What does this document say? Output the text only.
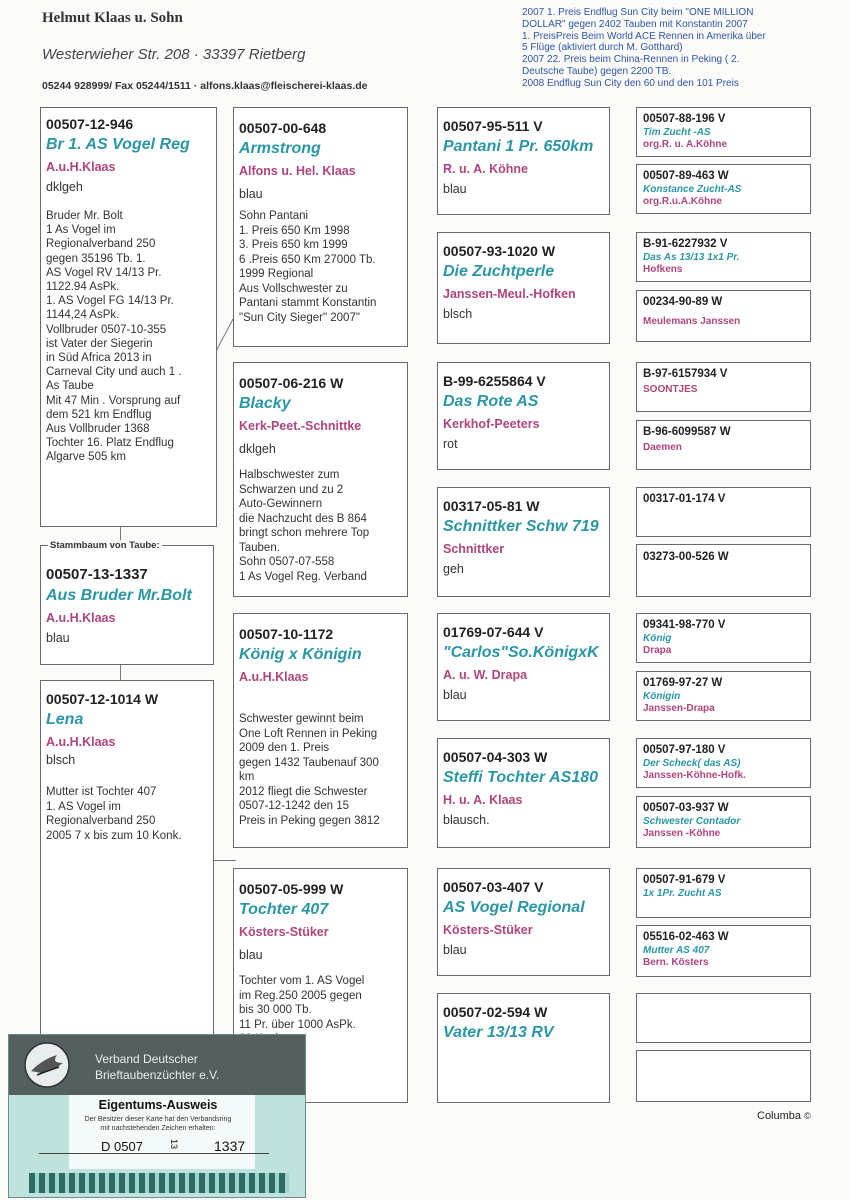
Helmut Klaas u. Sohn
Westerwieher Str. 208 · 33397 Rietberg
05244 928999/ Fax 05244/1511 · alfons.klaas@fleischerei-klaas.de
2007 1. Preis Endflug Sun City beim "ONE MILLION
DOLLAR" gegen 2402 Tauben mit Konstantin 2007
1. PreisPreis Beim World ACE Rennen in Amerika über
5 Flüge (aktiviert durch M. Gotthard)
2007 22. Preis beim China-Rennen in Peking ( 2.
Deutsche Taube) gegen 2200 TB.
2008 Endflug Sun City den 60 und den 101 Preis
00507-12-946
Br 1. AS Vogel Reg
A.u.H.Klaas
dklgeh
Bruder Mr. Bolt
1 As Vogel im
Regionalverband 250
gegen 35196 Tb. 1.
AS Vogel RV 14/13 Pr.
1122.94 AsPk.
1. AS Vogel FG 14/13 Pr.
1144,24 AsPk.
Vollbruder 0507-10-355
ist Vater der Siegerin
in Süd Africa 2013 in
Carneval City und auch 1 .
As Taube
Mit 47 Min . Vorsprung auf
dem 521 km Endflug
Aus Vollbruder 1368
Tochter 16. Platz Endflug
Algarve 505 km
Stammbaum von Taube:
00507-13-1337
Aus Bruder Mr.Bolt
A.u.H.Klaas
blau
00507-12-1014 W
Lena
A.u.H.Klaas
blsch
Mutter ist Tochter 407
1. AS Vogel im
Regionalverband 250
2005 7 x bis zum 10 Konk.
00507-00-648
Armstrong
Alfons u. Hel. Klaas
blau
Sohn Pantani
1. Preis 650 Km 1998
3. Preis 650 km 1999
6 .Preis 650 Km 27000 Tb.
1999 Regional
Aus Vollschwester zu
Pantani stammt Konstantin
"Sun City Sieger" 2007"
00507-06-216 W
Blacky
Kerk-Peet.-Schnittke
dklgeh
Halbschwester zum
Schwarzen und zu 2
Auto-Gewinnern
die Nachzucht des B 864
bringt schon mehrere Top
Tauben.
Sohn 0507-07-558
1 As Vogel Reg. Verband
00507-10-1172
König x Königin
A.u.H.Klaas
Schwester gewinnt beim
One Loft Rennen in Peking
2009 den 1. Preis
gegen 1432 Taubenauf 300
km
2012 fliegt die Schwester
0507-12-1242 den 15
Preis in Peking gegen 3812
00507-05-999 W
Tochter 407
Kösters-Stüker
blau
Tochter vom 1. AS Vogel
im Reg.250 2005 gegen
bis 30 000 Tb.
11 Pr. über 1000 AsPk.
00507-95-511 V
Pantani 1 Pr. 650km
R. u. A. Köhne
blau
00507-93-1020 W
Die Zuchtperle
Janssen-Meul.-Hofken
blsch
B-99-6255864 V
Das Rote AS
Kerkhof-Peeters
rot
00317-05-81 W
Schnittker Schw 719
Schnittker
geh
01769-07-644 V
"Carlos"So.KönigxK
A. u. W. Drapa
blau
00507-04-303 W
Steffi Tochter AS180
H. u. A. Klaas
blausch.
00507-03-407 V
AS Vogel Regional
Kösters-Stüker
blau
00507-02-594 W
Vater 13/13 RV
00507-88-196 V
Tim Zucht -AS
org.R. u. A.Köhne
00507-89-463 W
Konstance Zucht-AS
org.R.u.A.Köhne
B-91-6227932 V
Das As 13/13 1x1 Pr.
Hofkens
00234-90-89 W
Meulemans Janssen
B-97-6157934 V
SOONTJES
B-96-6099587 W
Daemen
00317-01-174 V
03273-00-526 W
09341-98-770 V
König
Drapa
01769-97-27 W
Königin
Janssen-Drapa
00507-97-180 V
Der Scheck( das AS)
Janssen-Köhne-Hofk.
00507-03-937 W
Schwester Contador
Janssen -Köhne
00507-91-679 V
1x 1Pr. Zucht AS
05516-02-463 W
Mutter AS 407
Bern. Kösters
Columba ©
Verband Deutscher
Brieftaubenzüchter e.V.
Eigentums-Ausweis
Der Besitzer dieser Karte hat den Verbandsring
mit nachstehenden Zeichen erhalten:
D 0507	13 1337
